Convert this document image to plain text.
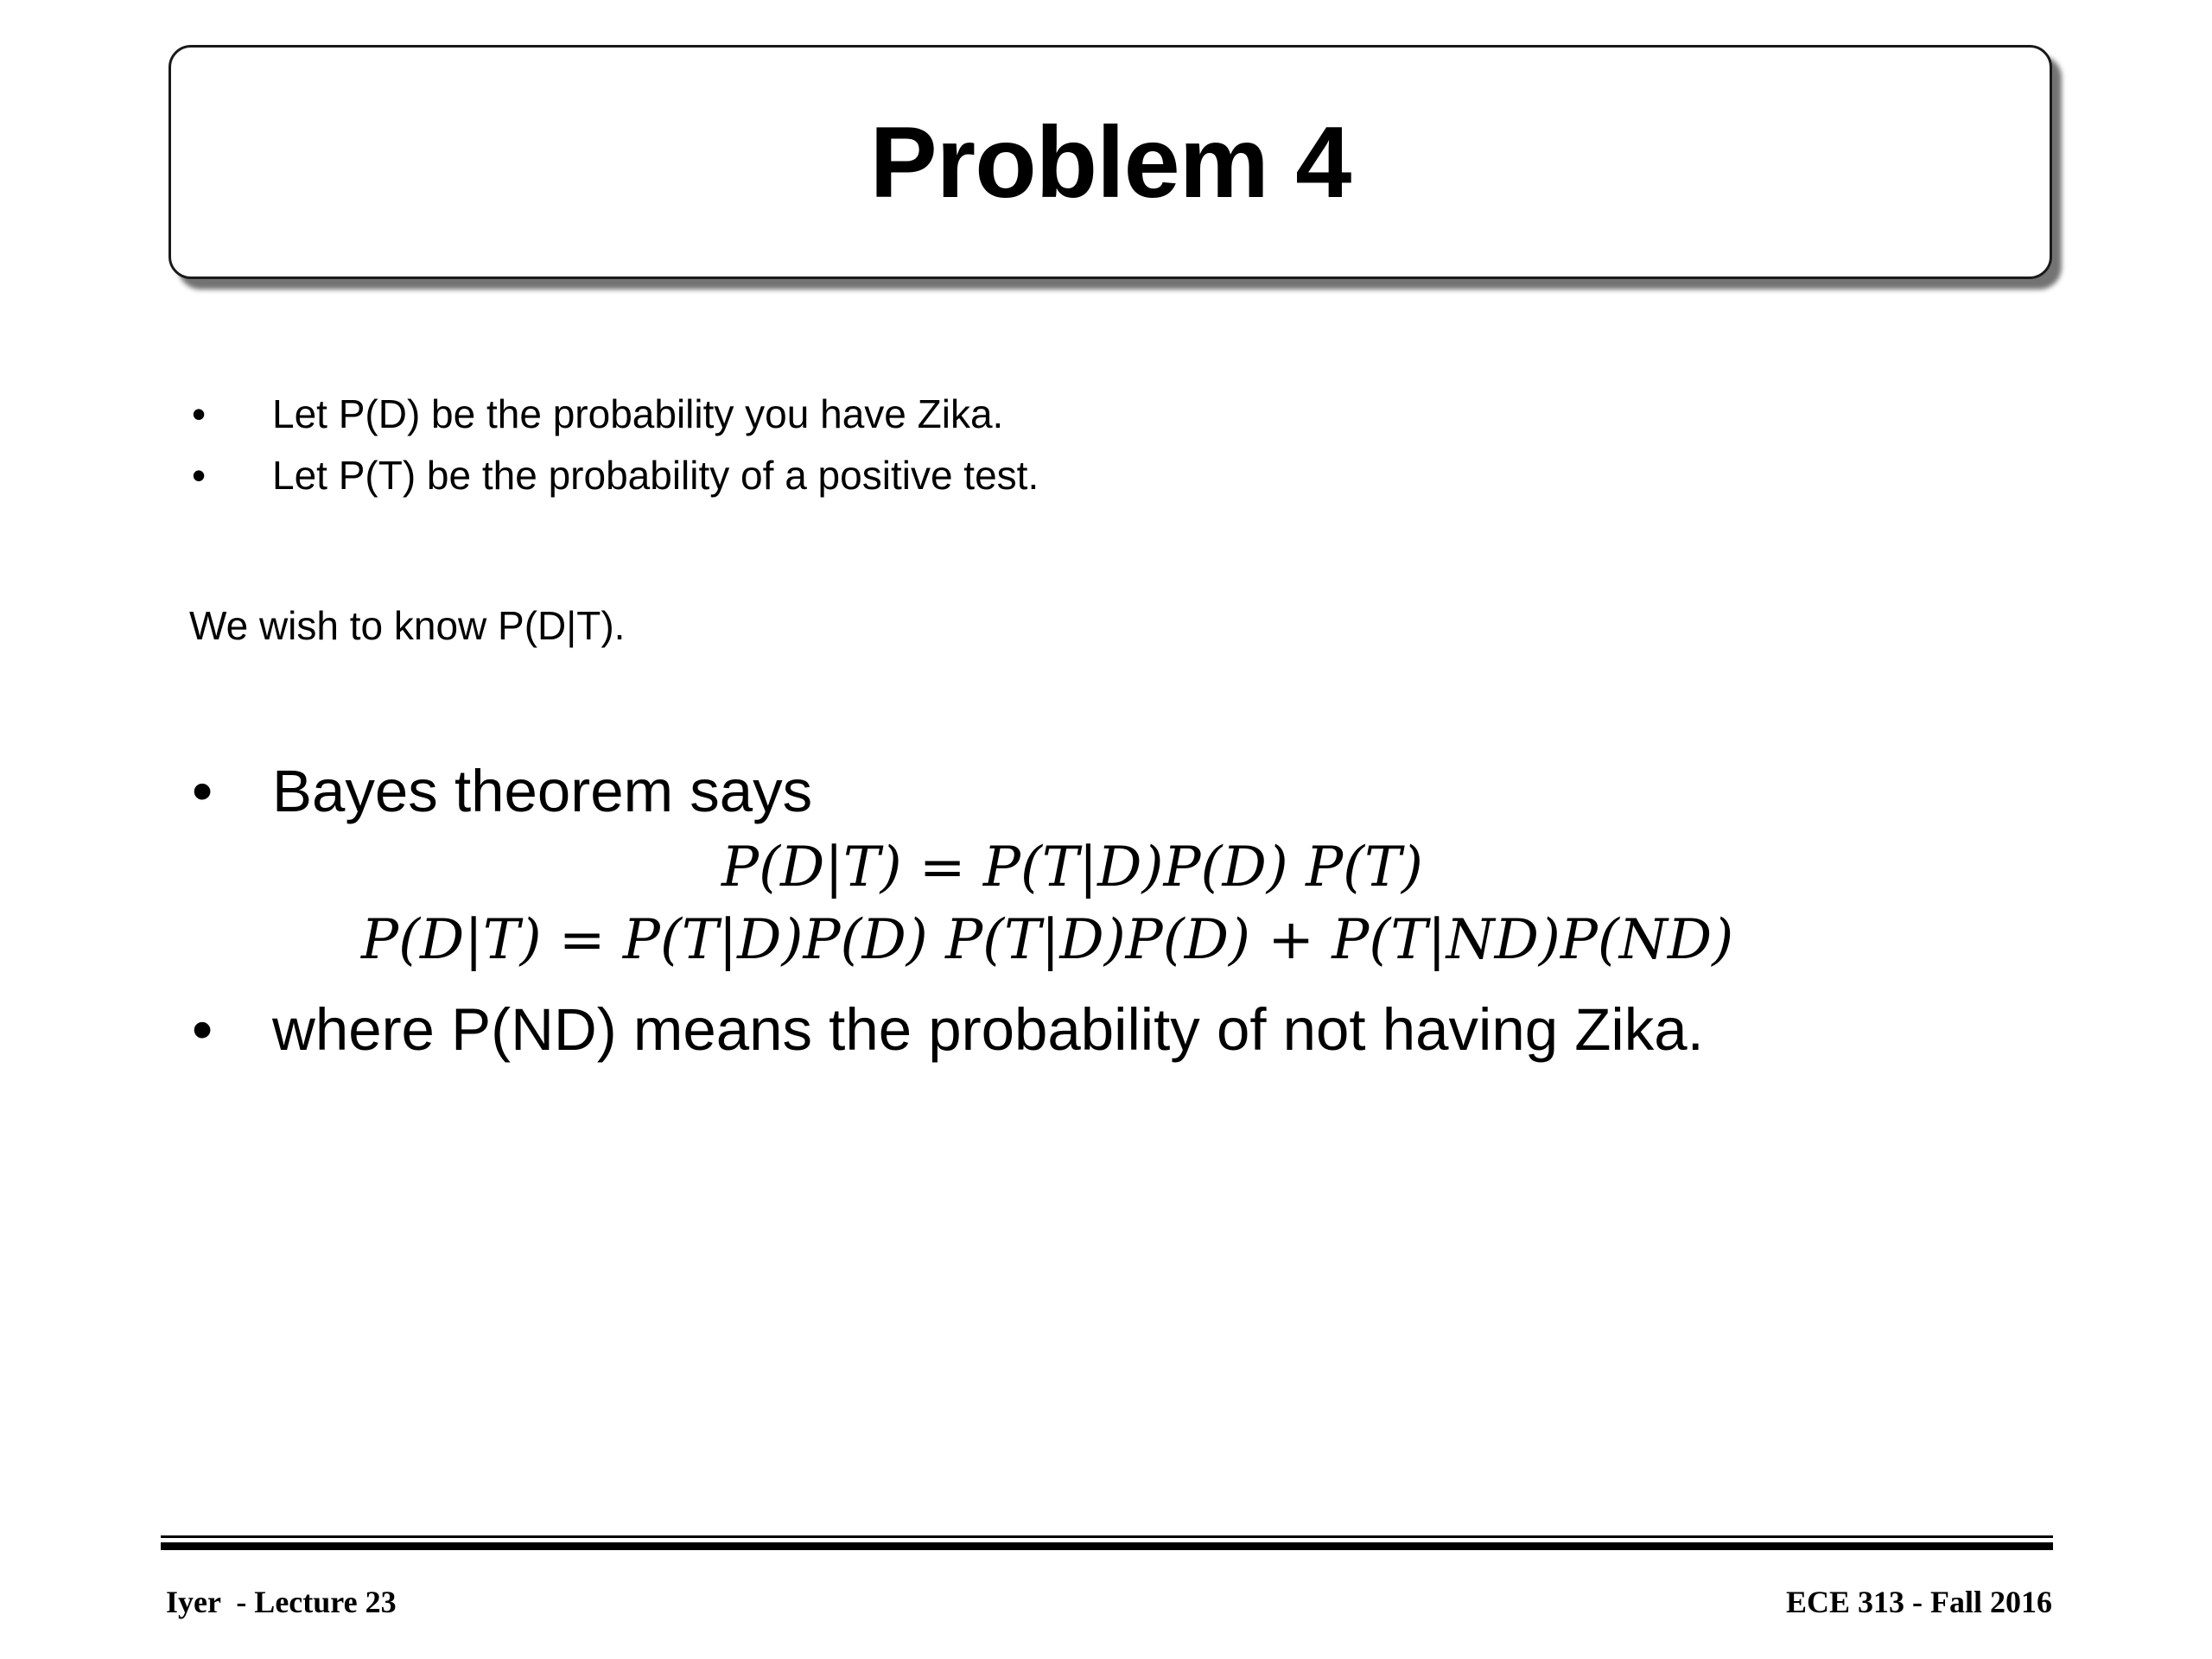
Problem 4
• Let P(D) be the probability you have Zika.
• Let P(T) be the probability of a positive test.
We wish to know P(D|T).
• Bayes theorem says
P(D|T) = P(T|D)P(D) P(T)
P(D|T) = P(T|D)P(D) P(T|D)P(D) + P(T|ND)P(ND)
• where P(ND) means the probability of not having Zika.
Iyer  - Lecture 23	ECE 313 - Fall 2016
